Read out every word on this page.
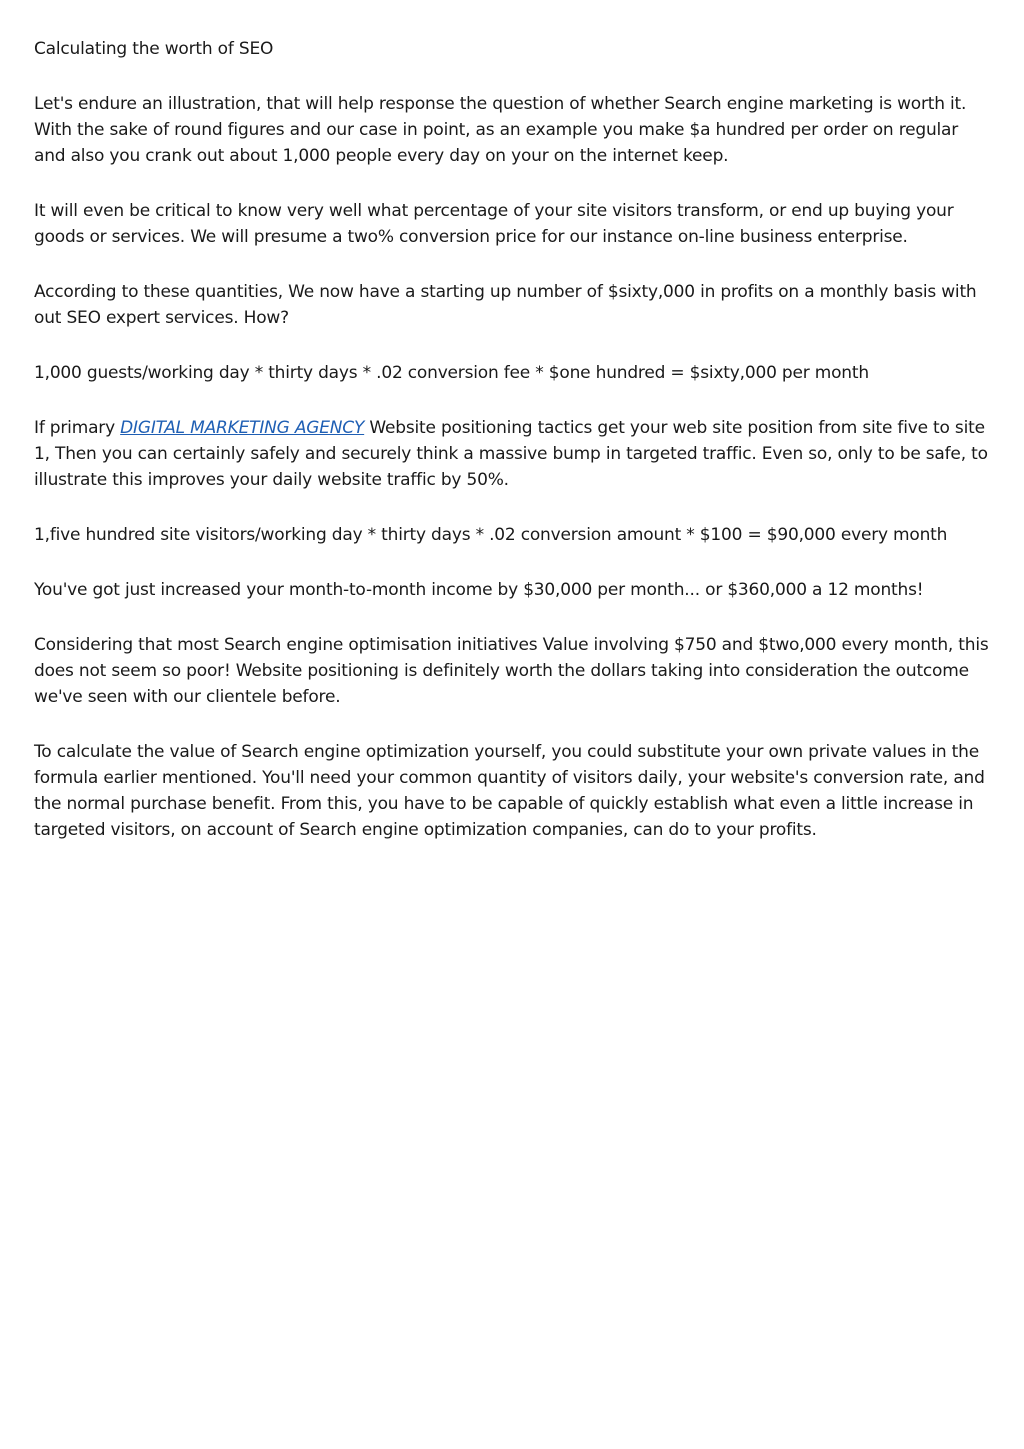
Calculating the worth of SEO

Let's endure an illustration, that will help response the question of whether Search engine marketing is worth it. With the sake of round figures and our case in point, as an example you make $a hundred per order on regular and also you crank out about 1,000 people every day on your on the internet keep.

It will even be critical to know very well what percentage of your site visitors transform, or end up buying your goods or services. We will presume a two% conversion price for our instance on-line business enterprise.

According to these quantities, We now have a starting up number of $sixty,000 in profits on a monthly basis with out SEO expert services. How?

1,000 guests/working day * thirty days * .02 conversion fee * $one hundred = $sixty,000 per month

If primary DIGITAL MARKETING AGENCY Website positioning tactics get your web site position from site five to site 1, Then you can certainly safely and securely think a massive bump in targeted traffic. Even so, only to be safe, to illustrate this improves your daily website traffic by 50%.

1,five hundred site visitors/working day * thirty days * .02 conversion amount * $100 = $90,000 every month

You've got just increased your month-to-month income by $30,000 per month... or $360,000 a 12 months!

Considering that most Search engine optimisation initiatives Value involving $750 and $two,000 every month, this does not seem so poor! Website positioning is definitely worth the dollars taking into consideration the outcome we've seen with our clientele before.

To calculate the value of Search engine optimization yourself, you could substitute your own private values in the formula earlier mentioned. You'll need your common quantity of visitors daily, your website's conversion rate, and the normal purchase benefit. From this, you have to be capable of quickly establish what even a little increase in targeted visitors, on account of Search engine optimization companies, can do to your profits.
